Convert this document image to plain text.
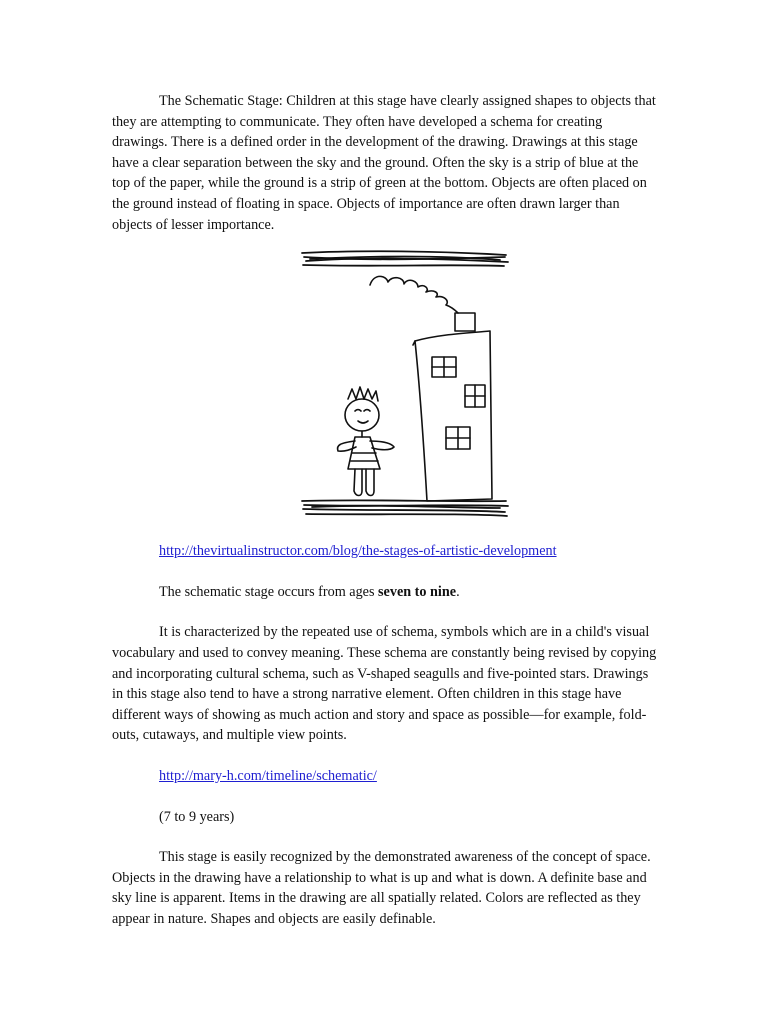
The Schematic Stage: Children at this stage have clearly assigned shapes to objects that they are attempting to communicate. They often have developed a schema for creating drawings. There is a defined order in the development of the drawing. Drawings at this stage have a clear separation between the sky and the ground. Often the sky is a strip of blue at the top of the paper, while the ground is a strip of green at the bottom. Objects are often placed on the ground instead of floating in space. Objects of importance are often drawn larger than objects of lesser importance.

http://thevirtualinstructor.com/blog/the-stages-of-artistic-development

The schematic stage occurs from ages seven to nine.

It is characterized by the repeated use of schema, symbols which are in a child's visual vocabulary and used to convey meaning. These schema are constantly being revised by copying and incorporating cultural schema, such as V-shaped seagulls and five-pointed stars. Drawings in this stage also tend to have a strong narrative element. Often children in this stage have different ways of showing as much action and story and space as possible—for example, fold-outs, cutaways, and multiple view points.

http://mary-h.com/timeline/schematic/

(7 to 9 years)

This stage is easily recognized by the demonstrated awareness of the concept of space. Objects in the drawing have a relationship to what is up and what is down. A definite base and sky line is apparent. Items in the drawing are all spatially related. Colors are reflected as they appear in nature. Shapes and objects are easily definable.
